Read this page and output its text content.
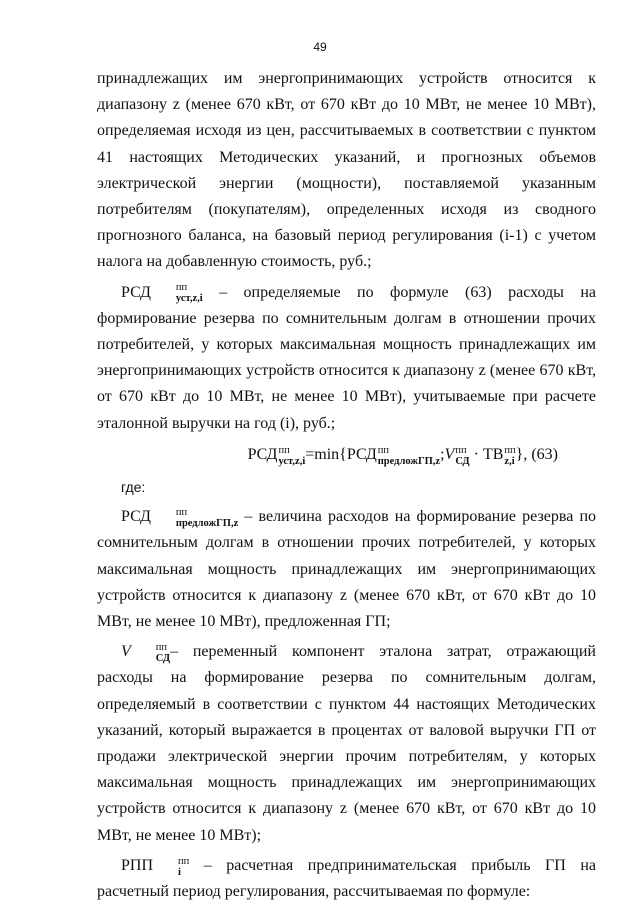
49

принадлежащих им энергопринимающих устройств относится к диапазону z (менее 670 кВт, от 670 кВт до 10 МВт, не менее 10 МВт), определяемая исходя из цен, рассчитываемых в соответствии с пунктом 41 настоящих Методических указаний, и прогнозных объемов электрической энергии (мощности), поставляемой указанным потребителям (покупателям), определенных исходя из сводного прогнозного баланса, на базовый период регулирования (i-1) с учетом налога на добавленную стоимость, руб.;

РСД	пп
уст,z,i – определяемые по формуле (63) расходы на формирование резерва по сомнительным долгам в отношении прочих потребителей, у которых максимальная мощность принадлежащих им энергопринимающих устройств относится к диапазону z (менее 670 кВт, от 670 кВт до 10 МВт, не менее 10 МВт), учитываемые при расчете эталонной выручки на год (i), руб.;

РСД пп
уст,z,i =min{РСД пп
предложГП,z ;V пп
СД · ТВ пп
z,i }, (63)

где:

РСД	пп
предложГП,z – величина расходов на формирование резерва по сомнительным долгам в отношении прочих потребителей, у которых максимальная мощность принадлежащих им энергопринимающих устройств относится к диапазону z (менее 670 кВт, от 670 кВт до 10 МВт, не менее 10 МВт), предложенная ГП;

V	пп
СД – переменный компонент эталона затрат, отражающий расходы на формирование резерва по сомнительным долгам, определяемый в соответствии с пунктом 44 настоящих Методических указаний, который выражается в процентах от валовой выручки ГП от продажи электрической энергии прочим потребителям, у которых максимальная мощность принадлежащих им энергопринимающих устройств относится к диапазону z (менее 670 кВт, от 670 кВт до 10 МВт, не менее 10 МВт);

РПП	пп
i – расчетная предпринимательская прибыль ГП на расчетный период регулирования, рассчитываемая по формуле:
